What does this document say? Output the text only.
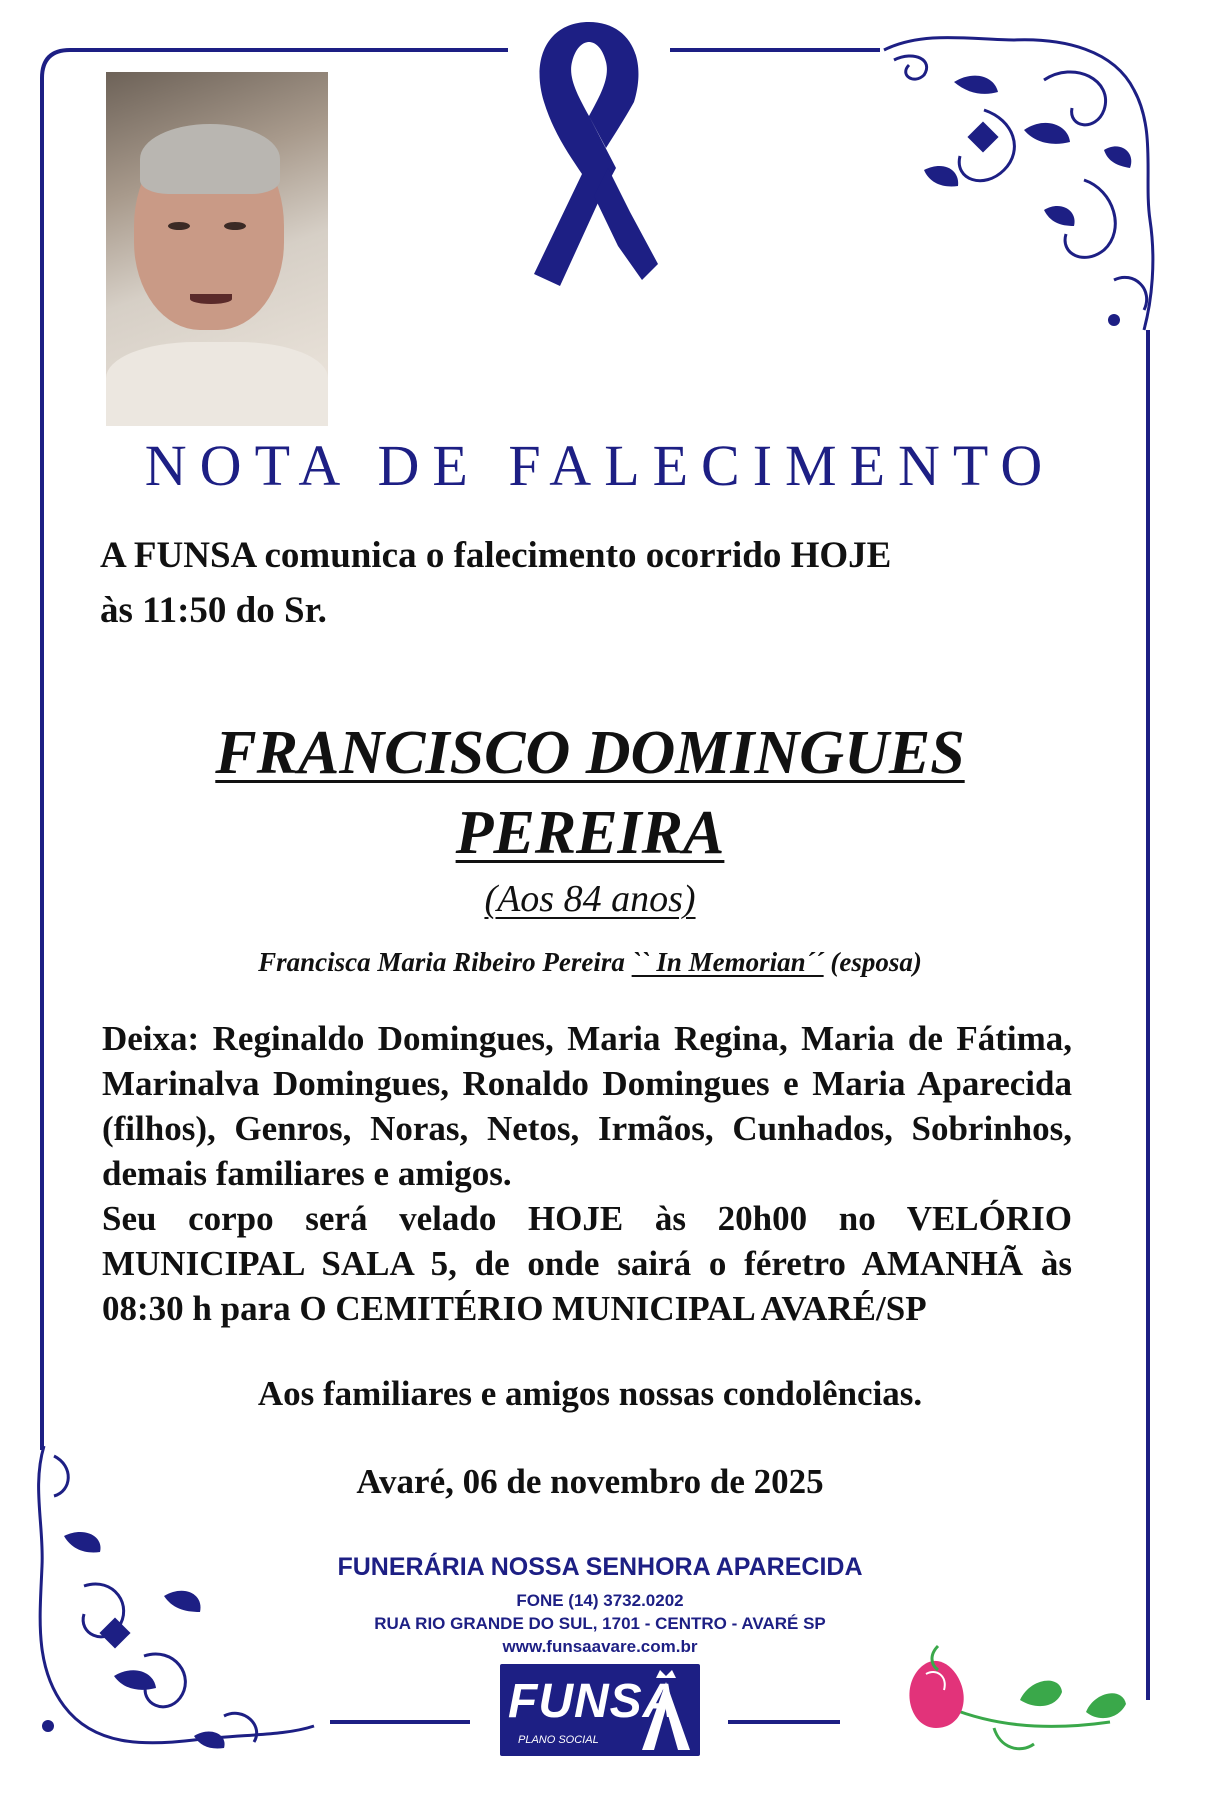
NOTA DE FALECIMENTO
A FUNSA comunica o falecimento ocorrido HOJE
às 11:50 do Sr.
FRANCISCO DOMINGUES
PEREIRA
(Aos 84 anos)
Francisca Maria Ribeiro Pereira `` In Memorian´´ (esposa)
Deixa: Reginaldo Domingues, Maria Regina, Maria de Fátima, Marinalva Domingues, Ronaldo Domingues e Maria Aparecida (filhos), Genros, Noras, Netos, Irmãos, Cunhados, Sobrinhos, demais familiares e amigos.
Seu corpo será velado HOJE às 20h00 no VELÓRIO MUNICIPAL SALA 5, de onde sairá o féretro AMANHÃ às 08:30 h para O CEMITÉRIO MUNICIPAL AVARÉ/SP
Aos familiares e amigos nossas condolências.
Avaré, 06 de novembro de 2025
FUNERÁRIA NOSSA SENHORA APARECIDA
FONE (14) 3732.0202
RUA RIO GRANDE DO SUL, 1701 - CENTRO - AVARÉ SP
www.funsaavare.com.br
FUNSA
PLANO SOCIAL
